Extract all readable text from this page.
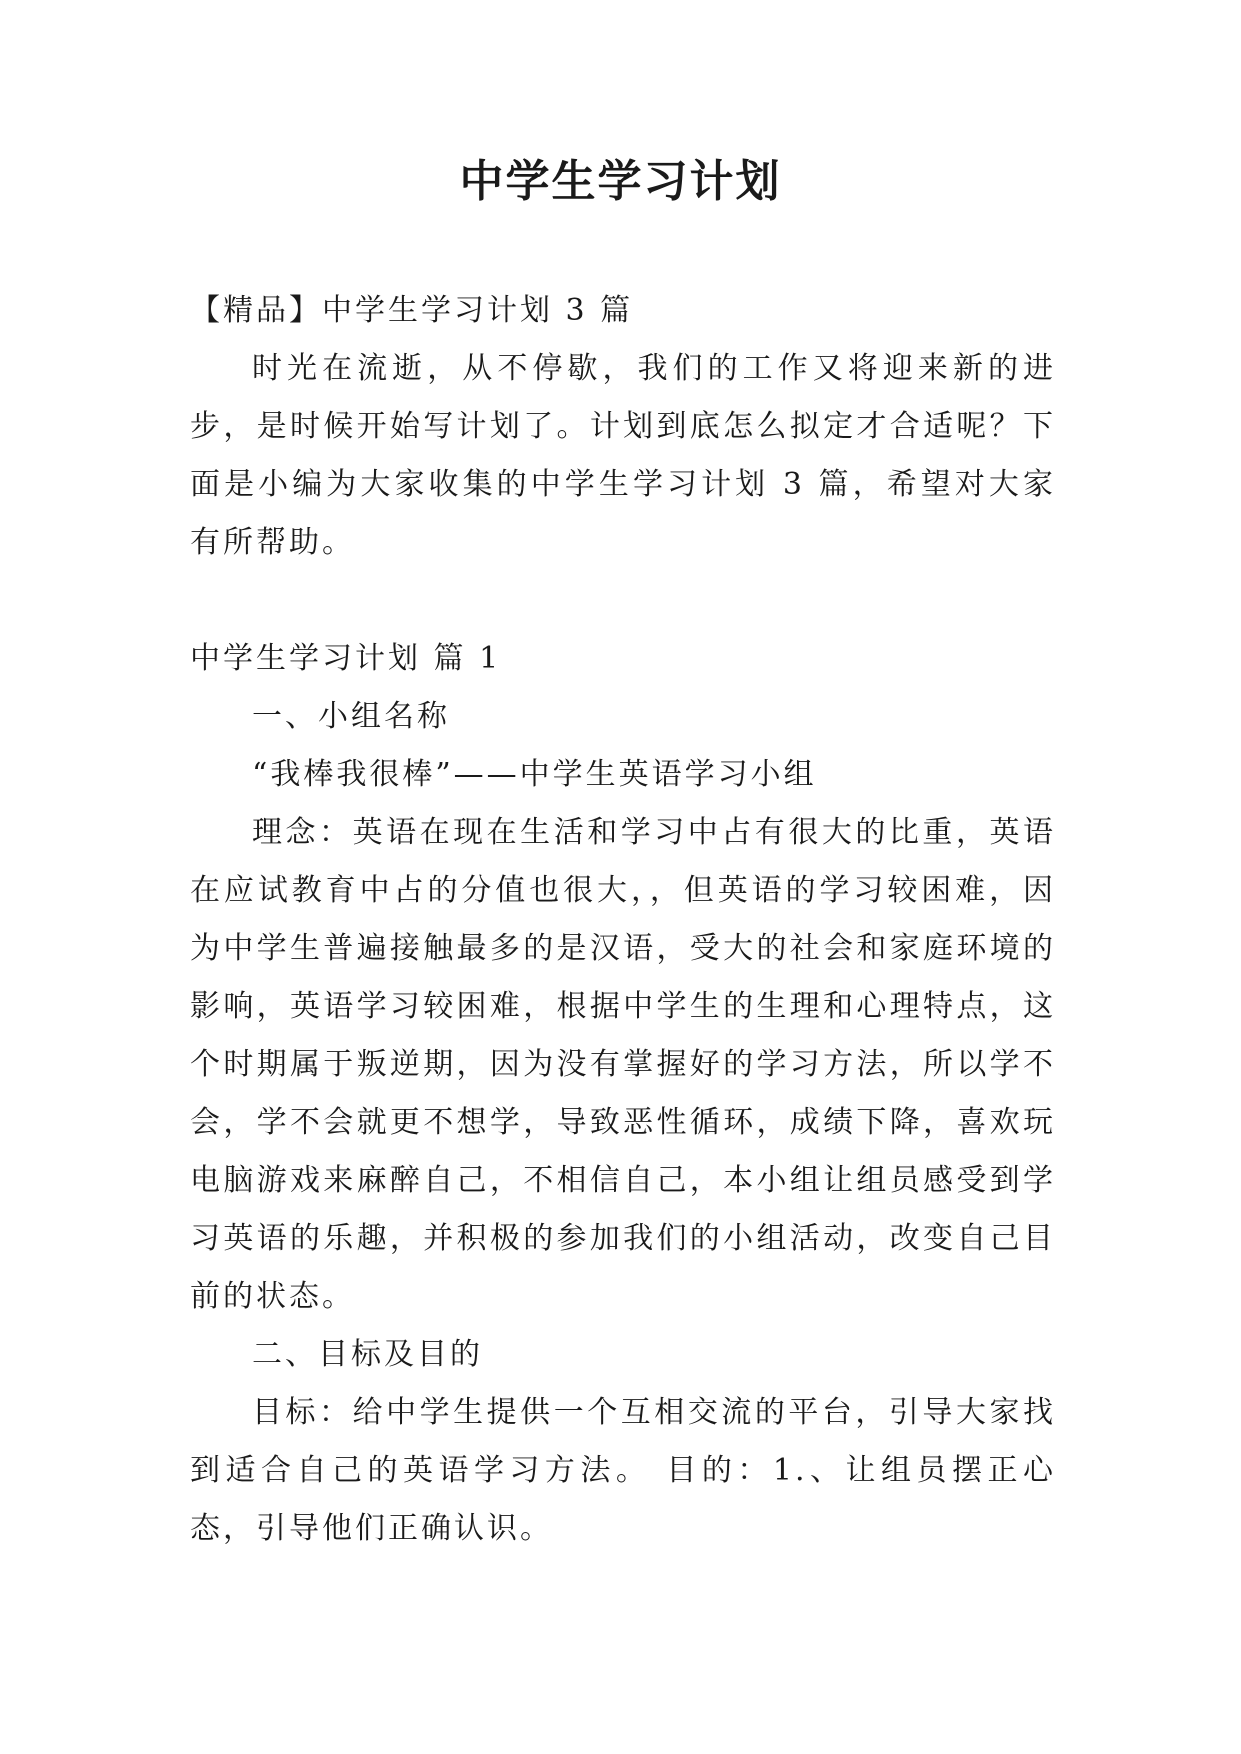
中学生学习计划

【精品】中学生学习计划 3 篇

时光在流逝，从不停歇，我们的工作又将迎来新的进步，是时候开始写计划了。计划到底怎么拟定才合适呢？下面是小编为大家收集的中学生学习计划 3 篇，希望对大家有所帮助。

中学生学习计划 篇 1

一、小组名称

“我棒我很棒”——中学生英语学习小组

理念：英语在现在生活和学习中占有很大的比重，英语在应试教育中占的分值也很大，，但英语的学习较困难，因为中学生普遍接触最多的是汉语，受大的社会和家庭环境的影响，英语学习较困难，根据中学生的生理和心理特点，这个时期属于叛逆期，因为没有掌握好的学习方法，所以学不会，学不会就更不想学，导致恶性循环，成绩下降，喜欢玩电脑游戏来麻醉自己，不相信自己，本小组让组员感受到学习英语的乐趣，并积极的参加我们的小组活动，改变自己目前的状态。

二、目标及目的

目标：给中学生提供一个互相交流的平台，引导大家找到适合自己的英语学习方法。 目的：1.、让组员摆正心态，引导他们正确认识。
